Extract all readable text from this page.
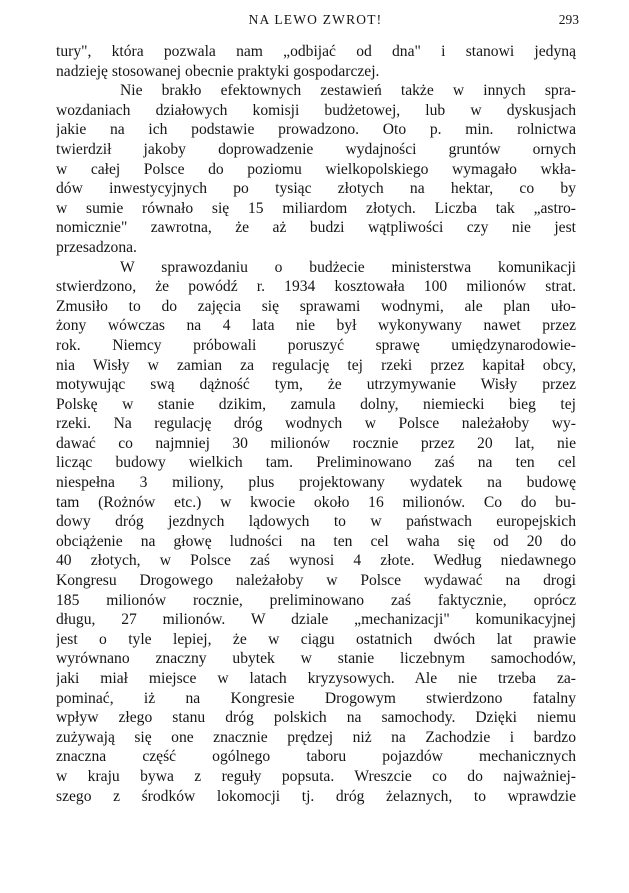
NA LEWO ZWROT!	293
tury", która pozwala nam „odbijać od dna" i stanowi jedyną
nadzieję stosowanej obecnie praktyki gospodarczej.
Nie brakło efektownych zestawień także w innych spra-
wozdaniach działowych komisji budżetowej, lub w dyskusjach
jakie na ich podstawie prowadzono. Oto p. min. rolnictwa
twierdził jakoby doprowadzenie wydajności gruntów ornych
w całej Polsce do poziomu wielkopolskiego wymagało wkła-
dów inwestycyjnych po tysiąc złotych na hektar, co by
w sumie równało się 15 miliardom złotych. Liczba tak „astro-
nomicznie" zawrotna, że aż budzi wątpliwości czy nie jest
przesadzona.
W sprawozdaniu o budżecie ministerstwa komunikacji
stwierdzono, że powódź r. 1934 kosztowała 100 milionów strat.
Zmusiło to do zajęcia się sprawami wodnymi, ale plan uło-
żony wówczas na 4 lata nie był wykonywany nawet przez
rok. Niemcy próbowali poruszyć sprawę umiędzynarodowie-
nia Wisły w zamian za regulację tej rzeki przez kapitał obcy,
motywując swą dążność tym, że utrzymywanie Wisły przez
Polskę w stanie dzikim, zamula dolny, niemiecki bieg tej
rzeki. Na regulację dróg wodnych w Polsce należałoby wy-
dawać co najmniej 30 milionów rocznie przez 20 lat, nie
licząc budowy wielkich tam. Preliminowano zaś na ten cel
niespełna 3 miliony, plus projektowany wydatek na budowę
tam (Rożnów etc.) w kwocie około 16 milionów. Co do bu-
dowy dróg jezdnych lądowych to w państwach europejskich
obciążenie na głowę ludności na ten cel waha się od 20 do
40 złotych, w Polsce zaś wynosi 4 złote. Według niedawnego
Kongresu Drogowego należałoby w Polsce wydawać na drogi
185 milionów rocznie, preliminowano zaś faktycznie, oprócz
długu, 27 milionów. W dziale „mechanizacji" komunikacyjnej
jest o tyle lepiej, że w ciągu ostatnich dwóch lat prawie
wyrównano znaczny ubytek w stanie liczebnym samochodów,
jaki miał miejsce w latach kryzysowych. Ale nie trzeba za-
pominać, iż na Kongresie Drogowym stwierdzono fatalny
wpływ złego stanu dróg polskich na samochody. Dzięki niemu
zużywają się one znacznie prędzej niż na Zachodzie i bardzo
znaczna część ogólnego taboru pojazdów mechanicznych
w kraju bywa z reguły popsuta. Wreszcie co do najważniej-
szego z środków lokomocji tj. dróg żelaznych, to wprawdzie
